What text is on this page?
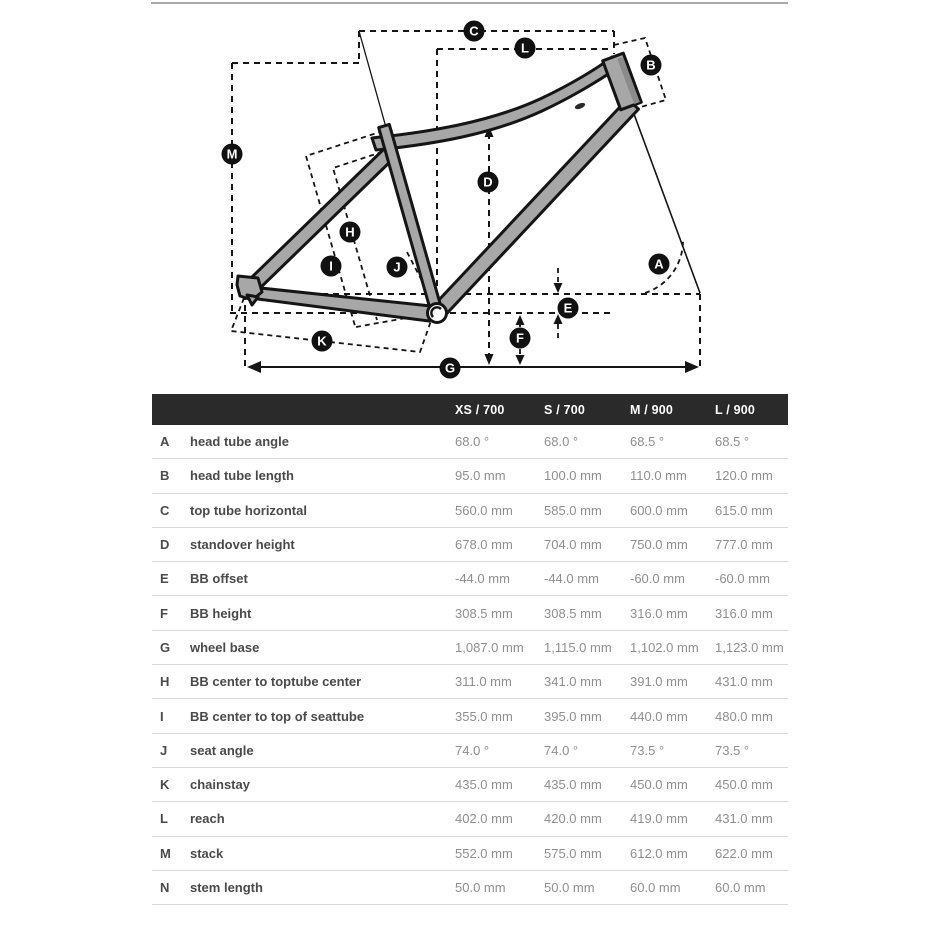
C
L
B
M
D
H
I	J	A
E
F
K
G
XS / 700	S / 700	M / 900	L / 900
A	head tube angle	68.0 °	68.0 °	68.5 °	68.5 °
B	head tube length	95.0 mm	100.0 mm	110.0 mm	120.0 mm
C	top tube horizontal	560.0 mm	585.0 mm	600.0 mm	615.0 mm
D	standover height	678.0 mm	704.0 mm	750.0 mm	777.0 mm
E	BB offset	-44.0 mm	-44.0 mm	-60.0 mm	-60.0 mm
F	BB height	308.5 mm	308.5 mm	316.0 mm	316.0 mm
G	wheel base	1,087.0 mm	1,115.0 mm	1,102.0 mm	1,123.0 mm
H	BB center to toptube center	311.0 mm	341.0 mm	391.0 mm	431.0 mm
I	BB center to top of seattube	355.0 mm	395.0 mm	440.0 mm	480.0 mm
J	seat angle	74.0 °	74.0 °	73.5 °	73.5 °
K	chainstay	435.0 mm	435.0 mm	450.0 mm	450.0 mm
L	reach	402.0 mm	420.0 mm	419.0 mm	431.0 mm
M	stack	552.0 mm	575.0 mm	612.0 mm	622.0 mm
N	stem length	50.0 mm	50.0 mm	60.0 mm	60.0 mm
